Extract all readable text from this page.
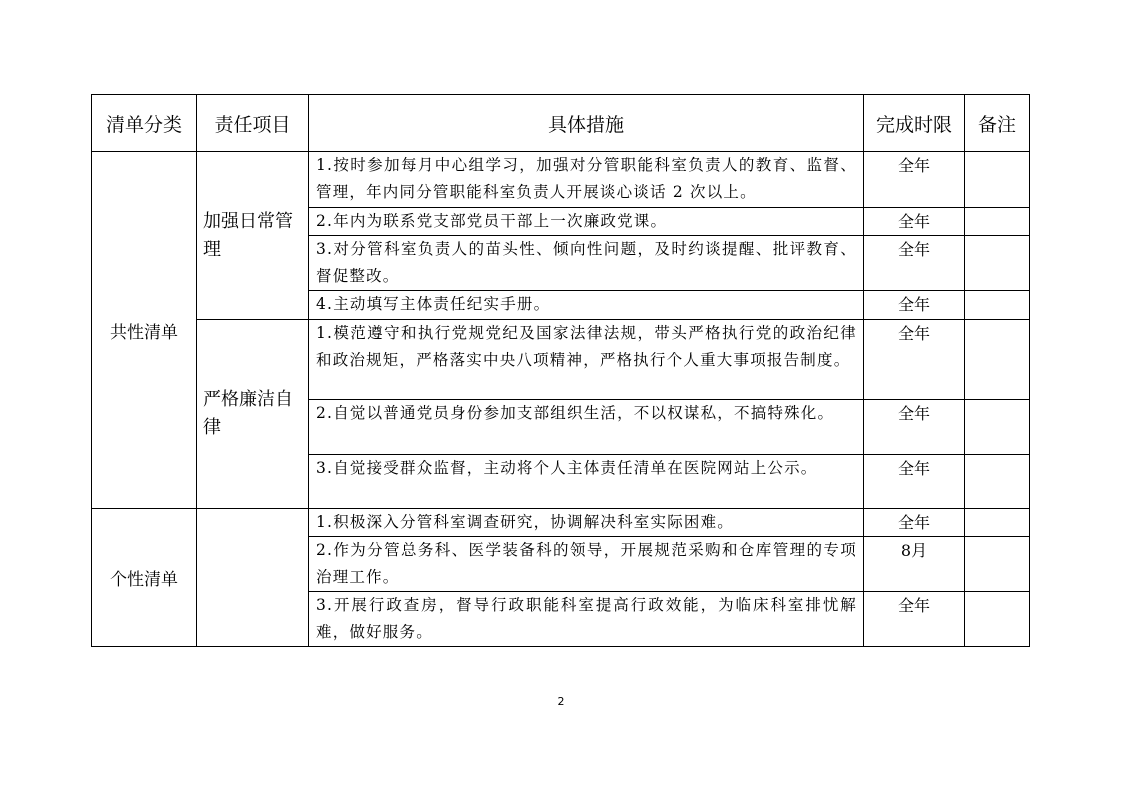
清单分类	责任项目	具体措施	完成时限	备注
共性清单	加强日常管理	1.按时参加每月中心组学习，加强对分管职能科室负责人的教育、监督、管理，年内同分管职能科室负责人开展谈心谈话 2 次以上。	全年	
		2.年内为联系党支部党员干部上一次廉政党课。	全年	
		3.对分管科室负责人的苗头性、倾向性问题，及时约谈提醒、批评教育、督促整改。	全年	
		4.主动填写主体责任纪实手册。	全年	
	严格廉洁自律	1.模范遵守和执行党规党纪及国家法律法规，带头严格执行党的政治纪律和政治规矩，严格落实中央八项精神，严格执行个人重大事项报告制度。	全年	
		2.自觉以普通党员身份参加支部组织生活，不以权谋私，不搞特殊化。	全年	
		3.自觉接受群众监督，主动将个人主体责任清单在医院网站上公示。	全年	
个性清单		1.积极深入分管科室调查研究，协调解决科室实际困难。	全年	
		2.作为分管总务科、医学装备科的领导，开展规范采购和仓库管理的专项治理工作。	8月	
		3.开展行政查房，督导行政职能科室提高行政效能，为临床科室排忧解难，做好服务。	全年	
2
